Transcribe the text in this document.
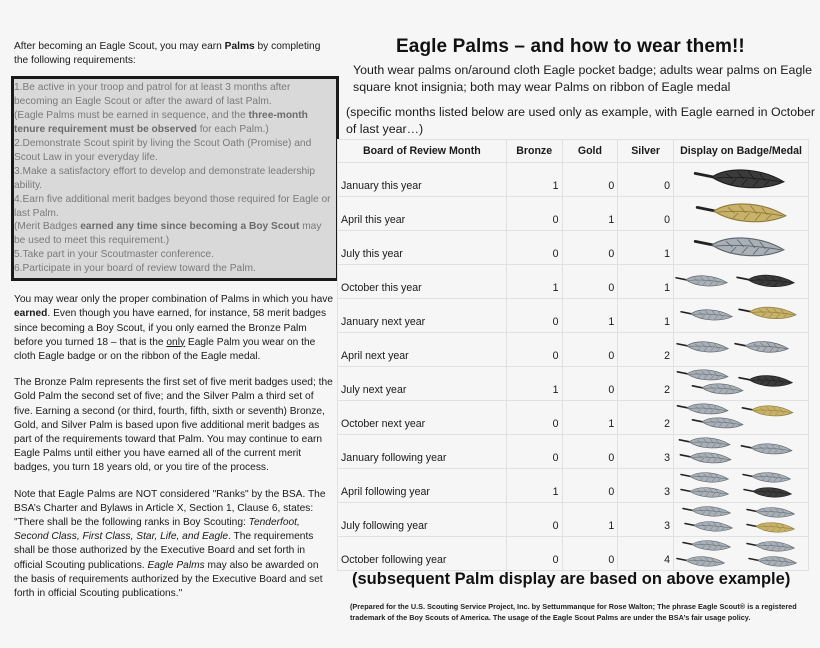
After becoming an Eagle Scout, you may earn Palms by completing the following requirements:

1.Be active in your troop and patrol for at least 3 months after becoming an Eagle Scout or after the award of last Palm.
(Eagle Palms must be earned in sequence, and the three-month tenure requirement must be observed for each Palm.)
2.Demonstrate Scout spirit by living the Scout Oath (Promise) and Scout Law in your everyday life.
3.Make a satisfactory effort to develop and demonstrate leadership ability.
4.Earn five additional merit badges beyond those required for Eagle or last Palm.
(Merit Badges earned any time since becoming a Boy Scout may be used to meet this requirement.)
5.Take part in your Scoutmaster conference.
6.Participate in your board of review toward the Palm.

You may wear only the proper combination of Palms in which you have earned. Even though you have earned, for instance, 58 merit badges since becoming a Boy Scout, if you only earned the Bronze Palm before you turned 18 – that is the only Eagle Palm you wear on the cloth Eagle badge or on the ribbon of the Eagle medal.

The Bronze Palm represents the first set of five merit badges used; the Gold Palm the second set of five; and the Silver Palm a third set of five. Earning a second (or third, fourth, fifth, sixth or seventh) Bronze, Gold, and Silver Palm is based upon five additional merit badges as part of the requirements toward that Palm. You may continue to earn Eagle Palms until either you have earned all of the current merit badges, you turn 18 years old, or you tire of the process.

Note that Eagle Palms are NOT considered "Ranks" by the BSA. The BSA’s Charter and Bylaws in Article X, Section 1, Clause 6, states:

"There shall be the following ranks in Boy Scouting: Tenderfoot, Second Class, First Class, Star, Life, and Eagle. The requirements shall be those authorized by the Executive Board and set forth in official Scouting publications. Eagle Palms may also be awarded on the basis of requirements authorized by the Executive Board and set forth in official Scouting publications."

Eagle Palms – and how to wear them!!

Youth wear palms on/around cloth Eagle pocket badge; adults wear palms on Eagle square knot insignia; both may wear Palms on ribbon of Eagle medal

(specific months listed below are used only as example, with Eagle earned in October of last year…)

Board of Review Month	Bronze	Gold	Silver	Display on Badge/Medal
January this year	1	0	0	

April this year	0	1	0	

July this year	0	0	1	

October this year	1	0	1	

January next year	0	1	1	

April next year	0	0	2	

July next year	1	0	2	

October next year	0	1	2	

January following year	0	0	3	

April following year	1	0	3	

July following year	0	1	3	

October following year	0	0	4	
(subsequent Palm display are based on above example)
(Prepared for the U.S. Scouting Service Project, Inc. by Settummanque for Rose Walton; The phrase Eagle Scout® is a registered trademark of the Boy Scouts of America. The usage of the Eagle Scout Palms are under the BSA’s fair usage policy.
